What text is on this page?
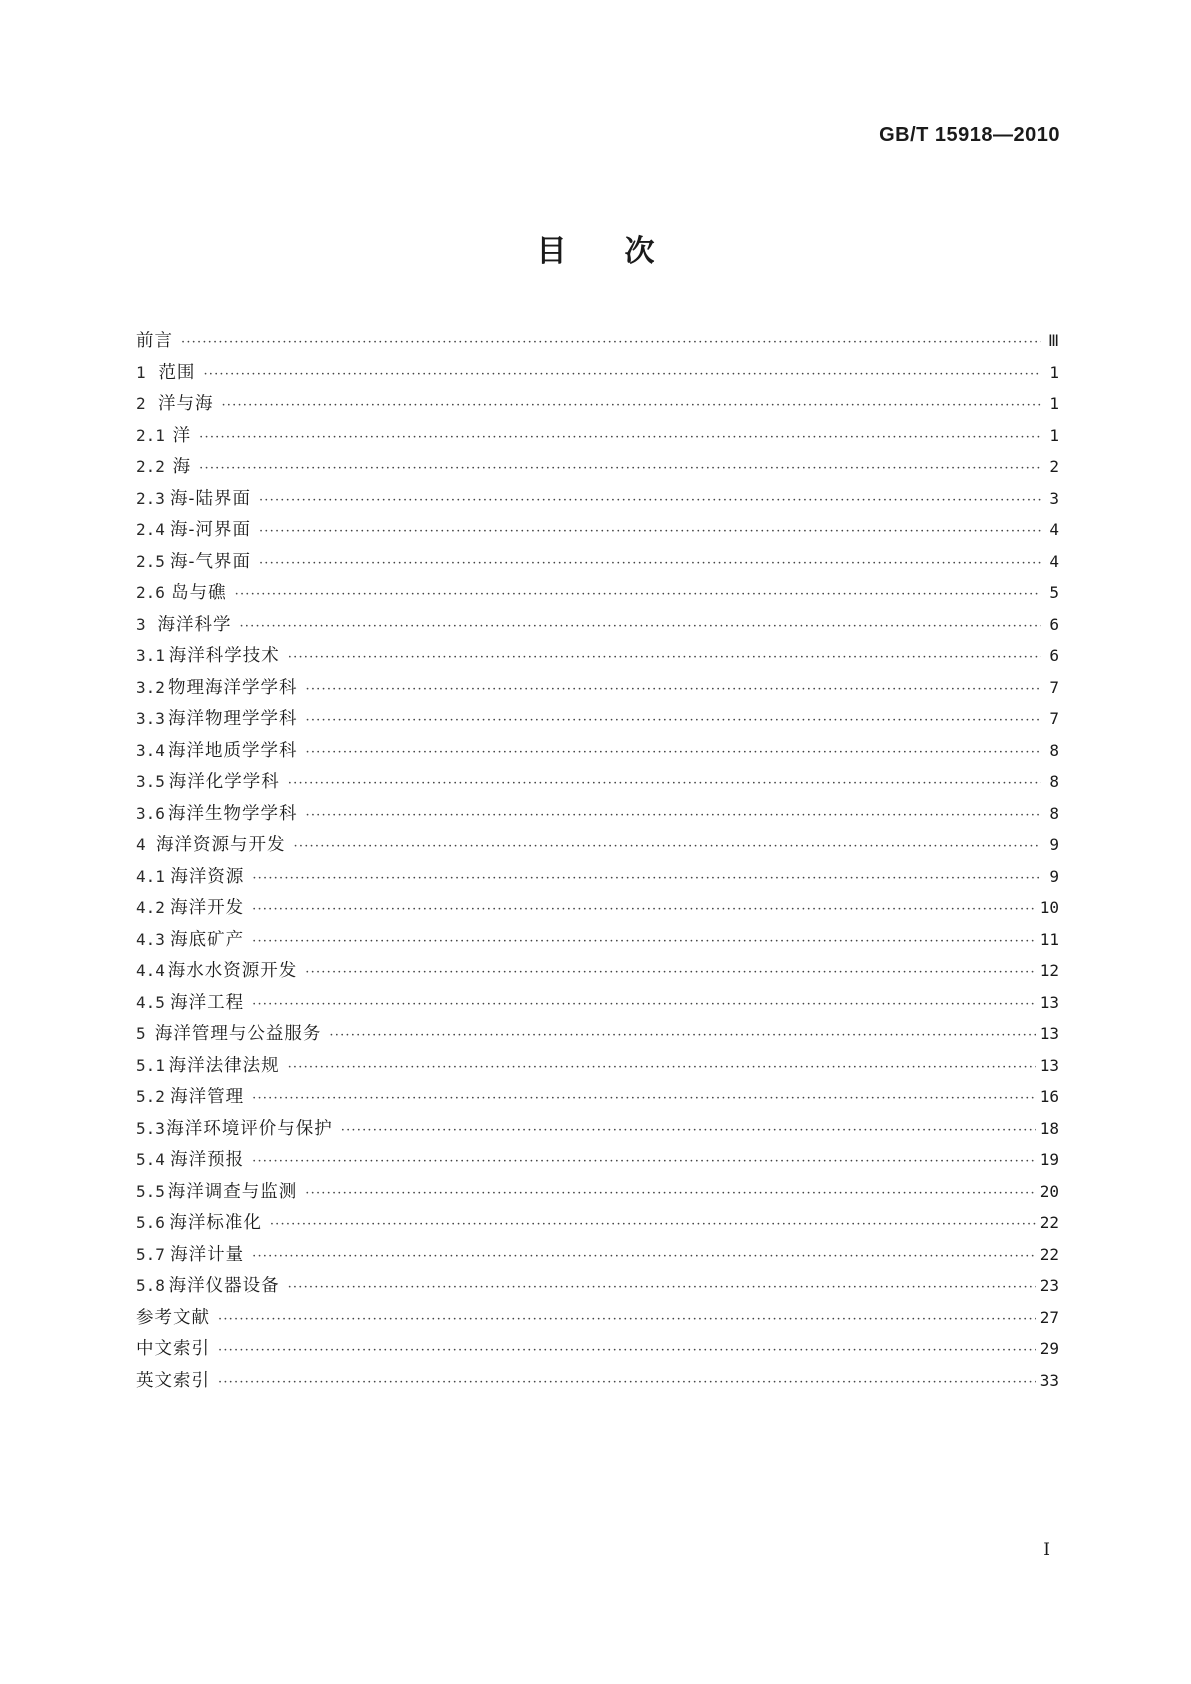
GB/T 15918—2010
目次
前言 ·····	Ⅲ
1 范围 ·····	1
2 洋与海 ·····	1
2.1 洋 ·····	1
2.2 海 ·····	2
2.3 海-陆界面 ·····	3
2.4 海-河界面 ·····	4
2.5 海-气界面 ·····	4
2.6 岛与礁 ·····	5
3 海洋科学 ·····	6
3.1 海洋科学技术 ·····	6
3.2 物理海洋学学科 ·····	7
3.3 海洋物理学学科 ·····	7
3.4 海洋地质学学科 ·····	8
3.5 海洋化学学科 ·····	8
3.6 海洋生物学学科 ·····	8
4 海洋资源与开发 ·····	9
4.1 海洋资源 ·····	9
4.2 海洋开发 ·····	10
4.3 海底矿产 ·····	11
4.4 海水水资源开发 ·····	12
4.5 海洋工程 ·····	13
5 海洋管理与公益服务 ·····	13
5.1 海洋法律法规 ·····	13
5.2 海洋管理 ·····	16
5.3 海洋环境评价与保护 ·····	18
5.4 海洋预报 ·····	19
5.5 海洋调查与监测 ·····	20
5.6 海洋标准化 ·····	22
5.7 海洋计量 ·····	22
5.8 海洋仪器设备 ·····	23
参考文献 ·····	27
中文索引 ·····	29
英文索引 ·····	33
I
